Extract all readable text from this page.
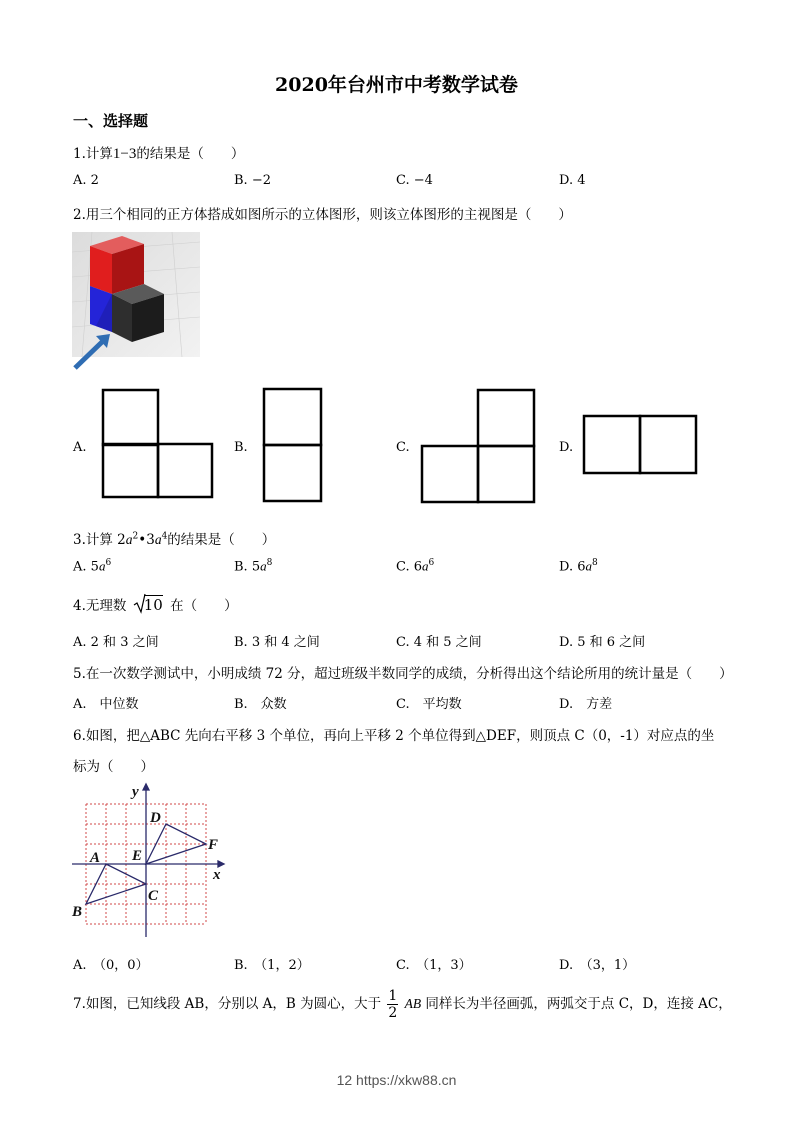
2020年台州市中考数学试卷
一、选择题
1.计算1−3的结果是（　　）
A. 2	B. −2	C. −4	D. 4
2.用三个相同的正方体搭成如图所示的立体图形，则该立体图形的主视图是（　　）
A.	B.	C.	D.
3.计算 $2a^2•3a^4$的结果是（　　）
A. $5a^6$	B. $5a^8$	C. $6a^6$	D. $6a^8$
4.无理数 10 在（　　）
A. 2 和 3 之间	B. 3 和 4 之间	C. 4 和 5 之间	D. 5 和 6 之间
5.在一次数学测试中，小明成绩 72 分，超过班级半数同学的成绩，分析得出这个结论所用的统计量是（　　）
A.　中位数	B.　众数	C.　平均数	D.　方差
6.如图，把△ABC 先向右平移 3 个单位，再向上平移 2 个单位得到△DEF，则顶点 C（0，-1）对应点的坐
标为（　　）
y
x
A
B
C
D
E
F
A.　（0，0）	B.　（1，2）	C.　（1，3）	D.　（3，1）
7.如图，已知线段 AB，分别以 A，B 为圆心，大于 $\frac{1}{2}$ AB 同样长为半径画弧，两弧交于点 C，D，连接 AC，
12 https://xkw88.cn
